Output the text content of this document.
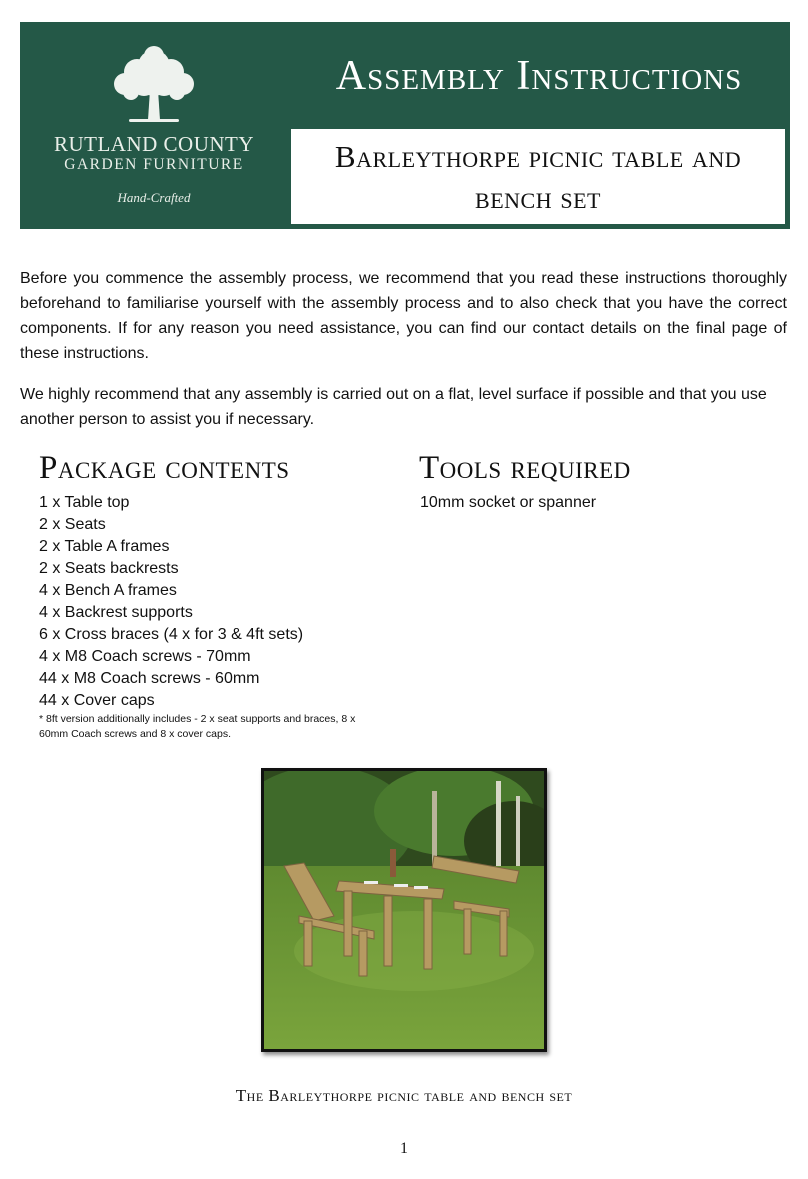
RUTLAND COUNTY
GARDEN FURNITURE
Hand-Crafted
Assembly Instructions
Barleythorpe picnic table and bench set

Before you commence the assembly process, we recommend that you read these instructions thoroughly beforehand to familiarise yourself with the assembly process and to also check that you have the correct components. If for any reason you need assistance, you can find our contact details on the final page of these instructions.

We highly recommend that any assembly is carried out on a flat, level surface if possible and that you use another person to assist you if necessary.

Package contents	Tools required
1 x Table top
2 x Seats
2 x Table A frames
2 x Seats backrests
4 x Bench A frames
4 x Backrest supports
6 x Cross braces (4 x for 3 & 4ft sets)
4 x M8 Coach screws - 70mm
44 x M8 Coach screws - 60mm
44 x Cover caps

* 8ft version additionally includes - 2 x seat supports and braces, 8 x 60mm Coach screws and 8 x cover caps.

10mm socket or spanner

The Barleythorpe picnic table and bench set

1
